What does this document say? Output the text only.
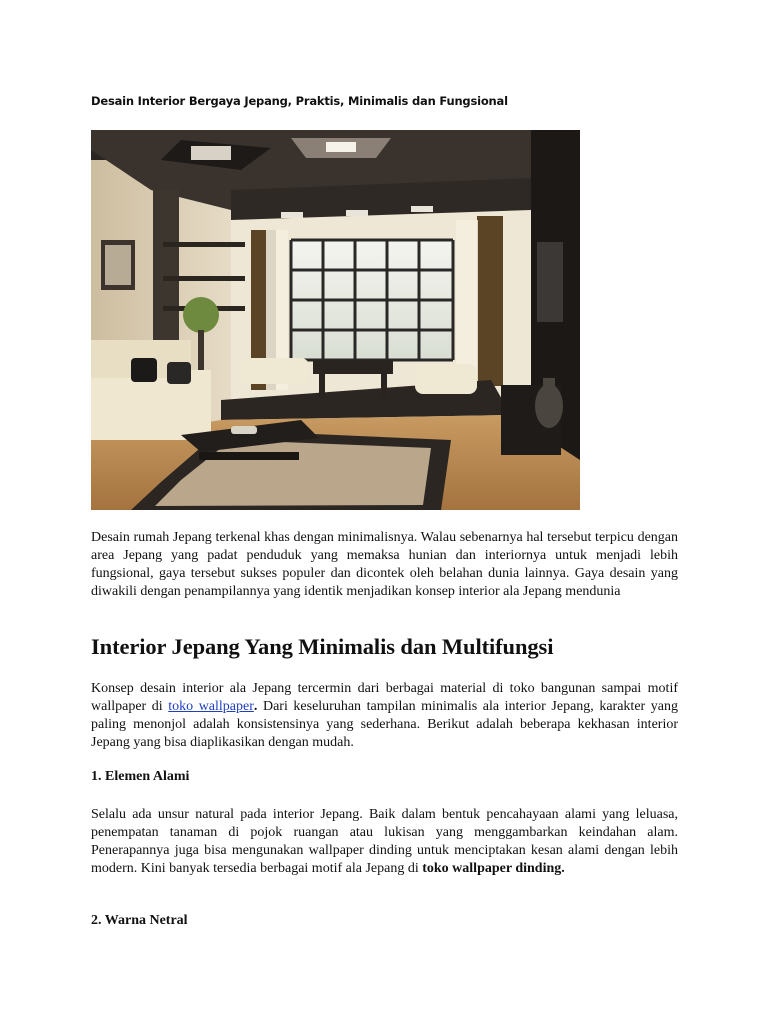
Desain Interior Bergaya Jepang, Praktis, Minimalis dan Fungsional

Desain rumah Jepang terkenal khas dengan minimalisnya. Walau sebenarnya hal tersebut terpicu dengan area Jepang yang padat penduduk yang memaksa hunian dan interiornya untuk menjadi lebih fungsional, gaya tersebut sukses populer dan dicontek oleh belahan dunia lainnya. Gaya desain yang diwakili dengan penampilannya yang identik menjadikan konsep interior ala Jepang mendunia

Interior Jepang Yang Minimalis dan Multifungsi

Konsep desain interior ala Jepang tercermin dari berbagai material di toko bangunan sampai motif wallpaper di toko wallpaper. Dari keseluruhan tampilan minimalis ala interior Jepang, karakter yang paling menonjol adalah konsistensinya yang sederhana. Berikut adalah beberapa kekhasan interior Jepang yang bisa diaplikasikan dengan mudah.

1. Elemen Alami

Selalu ada unsur natural pada interior Jepang. Baik dalam bentuk pencahayaan alami yang leluasa, penempatan tanaman di pojok ruangan atau lukisan yang menggambarkan keindahan alam. Penerapannya juga bisa mengunakan wallpaper dinding untuk menciptakan kesan alami dengan lebih modern. Kini banyak tersedia berbagai motif ala Jepang di toko wallpaper dinding.

2. Warna Netral
